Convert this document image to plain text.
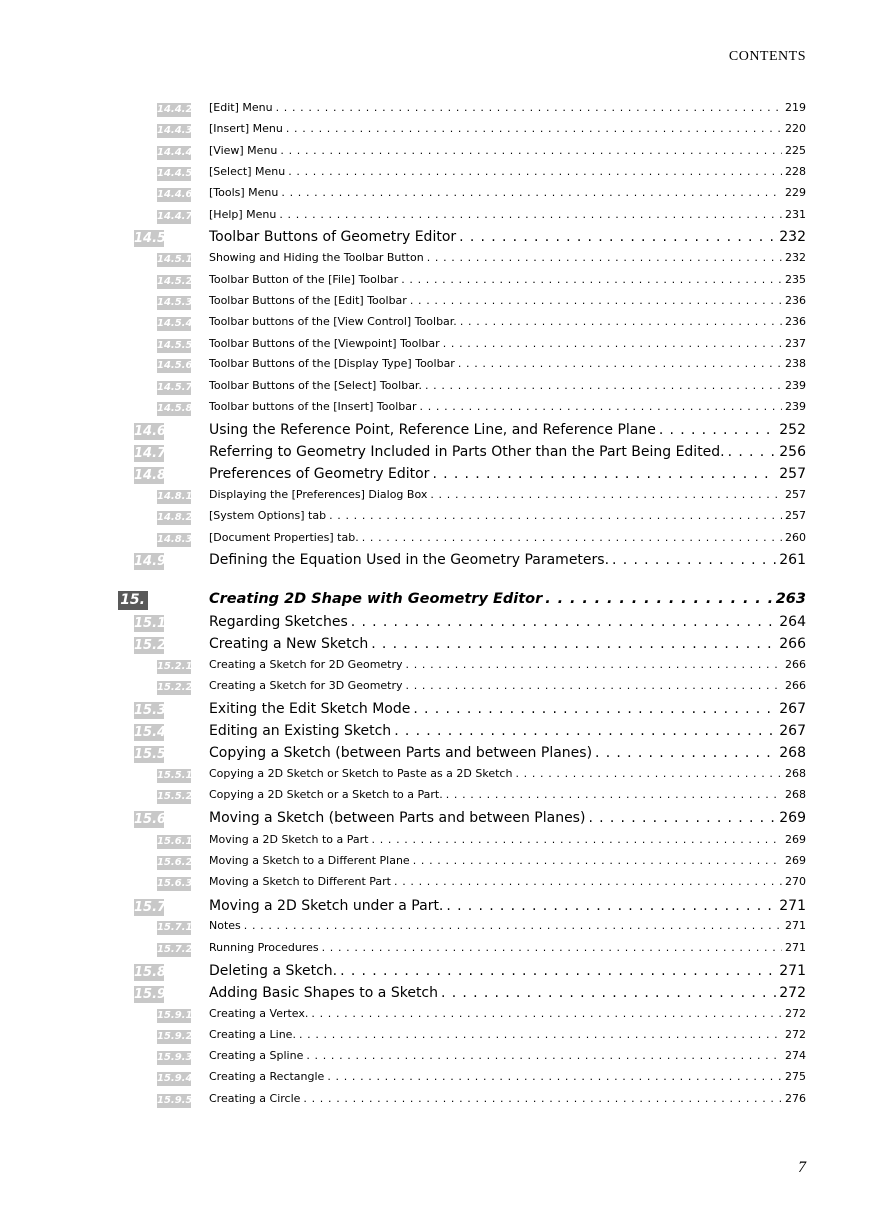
CONTENTS
14.4.2 [Edit] Menu . . .	219
14.4.3 [Insert] Menu . . .	220
14.4.4 [View] Menu . . .	225
14.4.5 [Select] Menu . . .	228
14.4.6 [Tools] Menu . . .	229
14.4.7 [Help] Menu . . .	231
14.5	Toolbar Buttons of Geometry Editor . . .	232
14.5.1 Showing and Hiding the Toolbar Button . . .	232
14.5.2 Toolbar Button of the [File] Toolbar . . .	235
14.5.3 Toolbar Buttons of the [Edit] Toolbar . . .	236
14.5.4 Toolbar buttons of the [View Control] Toolbar. . . .	236
14.5.5 Toolbar Buttons of the [Viewpoint] Toolbar . . .	237
14.5.6 Toolbar Buttons of the [Display Type] Toolbar . . .	238
14.5.7 Toolbar Buttons of the [Select] Toolbar. . . .	239
14.5.8 Toolbar buttons of the [Insert] Toolbar . . .	239
14.6	Using the Reference Point, Reference Line, and Reference Plane . . .	252
14.7	Referring to Geometry Included in Parts Other than the Part Being Edited. . . .	256
14.8	Preferences of Geometry Editor . . .	257
14.8.1 Displaying the [Preferences] Dialog Box . . .	257
14.8.2 [System Options] tab . . .	257
14.8.3 [Document Properties] tab. . . .	260
14.9	Defining the Equation Used in the Geometry Parameters. . . .	261
15.	Creating 2D Shape with Geometry Editor . . .	263
15.1	Regarding Sketches . . .	264
15.2	Creating a New Sketch . . .	266
15.2.1 Creating a Sketch for 2D Geometry . . .	266
15.2.2 Creating a Sketch for 3D Geometry . . .	266
15.3	Exiting the Edit Sketch Mode . . .	267
15.4	Editing an Existing Sketch . . .	267
15.5	Copying a Sketch (between Parts and between Planes) . . .	268
15.5.1 Copying a 2D Sketch or Sketch to Paste as a 2D Sketch . . .	268
15.5.2 Copying a 2D Sketch or a Sketch to a Part. . . .	268
15.6	Moving a Sketch (between Parts and between Planes) . . .	269
15.6.1 Moving a 2D Sketch to a Part . . .	269
15.6.2 Moving a Sketch to a Different Plane . . .	269
15.6.3 Moving a Sketch to Different Part . . .	270
15.7	Moving a 2D Sketch under a Part. . . .	271
15.7.1 Notes . . .	271
15.7.2 Running Procedures . . .	271
15.8	Deleting a Sketch. . . .	271
15.9	Adding Basic Shapes to a Sketch . . .	272
15.9.1 Creating a Vertex. . . .	272
15.9.2 Creating a Line. . . .	272
15.9.3 Creating a Spline . . .	274
15.9.4 Creating a Rectangle . . .	275
15.9.5 Creating a Circle . . .	276
7
